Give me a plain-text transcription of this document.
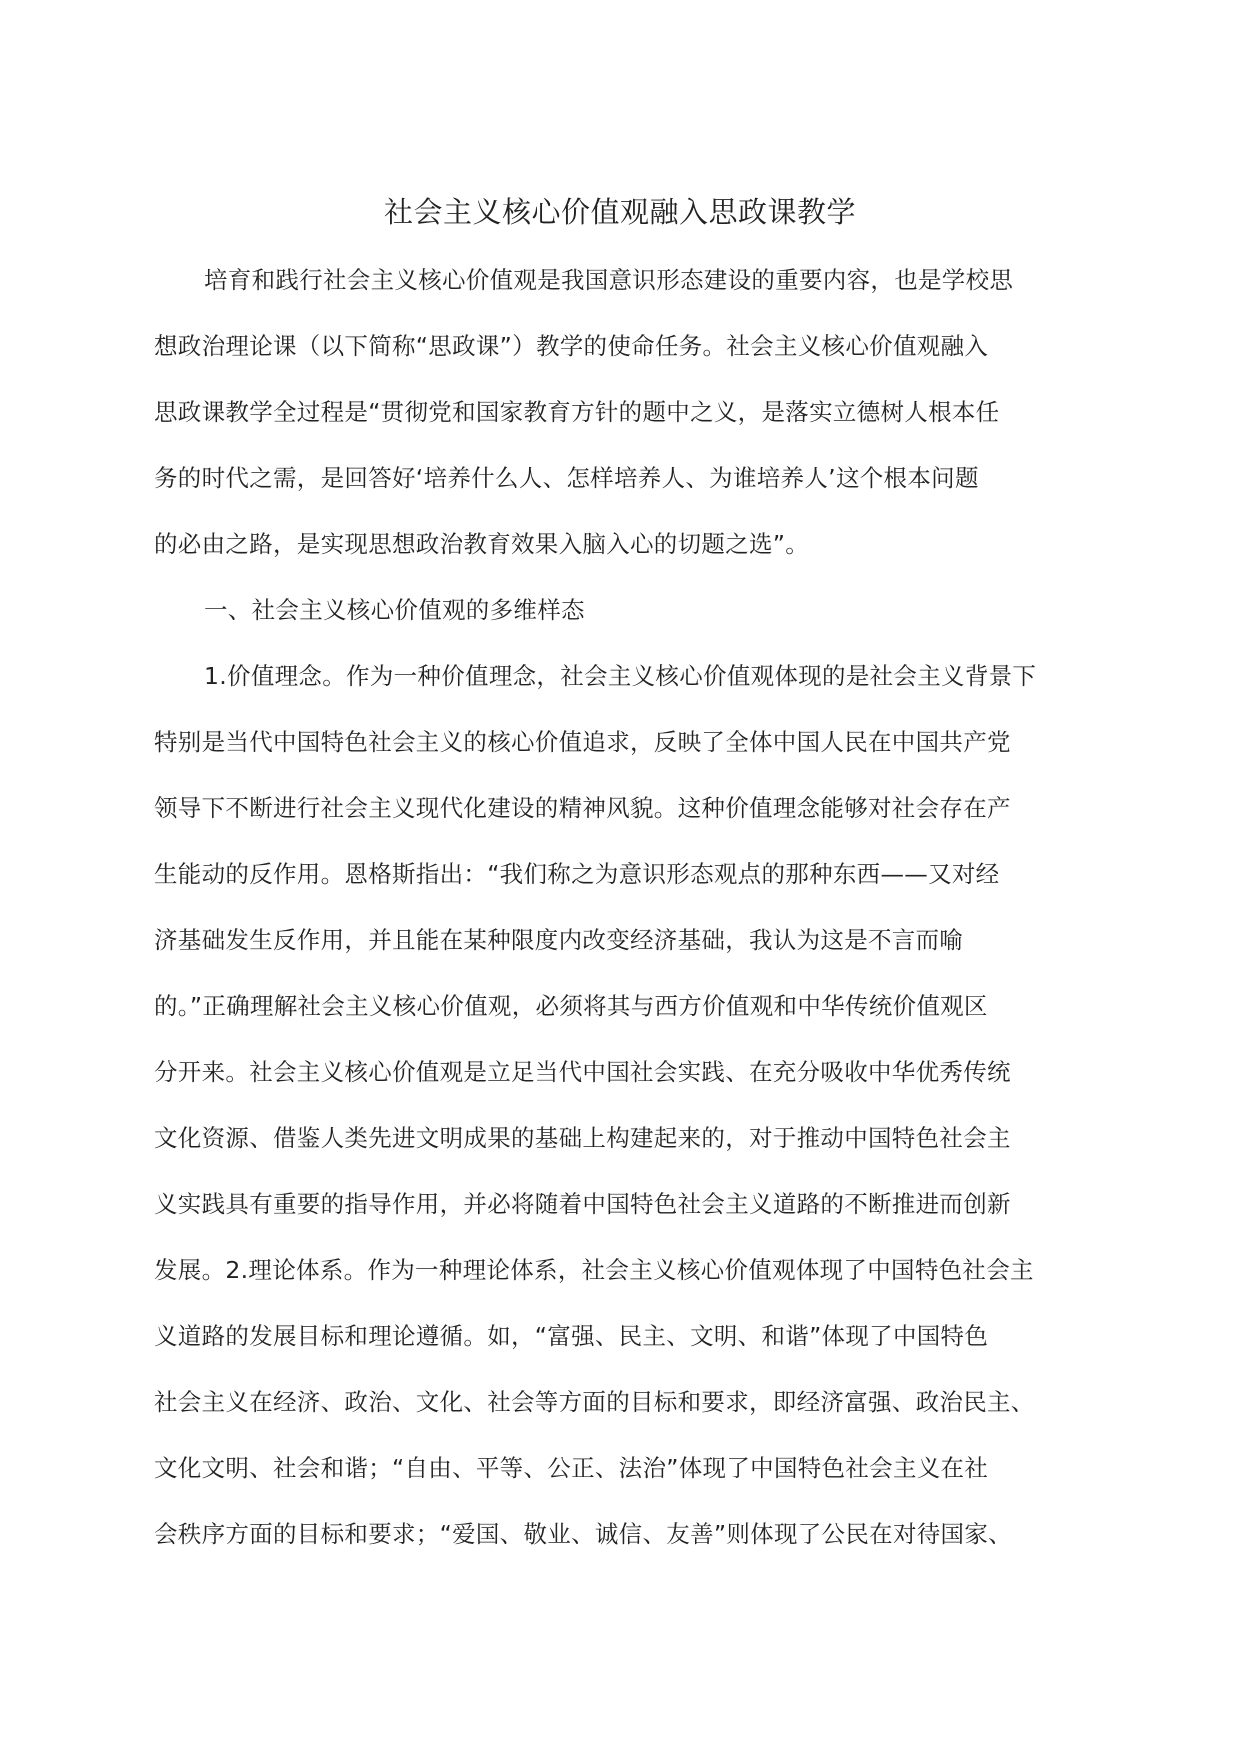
社会主义核心价值观融入思政课教学
培育和践行社会主义核心价值观是我国意识形态建设的重要内容，也是学校思
想政治理论课（以下简称“思政课”）教学的使命任务。社会主义核心价值观融入
思政课教学全过程是“贯彻党和国家教育方针的题中之义，是落实立德树人根本任
务的时代之需，是回答好‘培养什么人、怎样培养人、为谁培养人’这个根本问题
的必由之路，是实现思想政治教育效果入脑入心的切题之选”。
一、社会主义核心价值观的多维样态
1.价值理念。作为一种价值理念，社会主义核心价值观体现的是社会主义背景下
特别是当代中国特色社会主义的核心价值追求，反映了全体中国人民在中国共产党
领导下不断进行社会主义现代化建设的精神风貌。这种价值理念能够对社会存在产
生能动的反作用。恩格斯指出：“我们称之为意识形态观点的那种东西——又对经
济基础发生反作用，并且能在某种限度内改变经济基础，我认为这是不言而喻
的。”正确理解社会主义核心价值观，必须将其与西方价值观和中华传统价值观区
分开来。社会主义核心价值观是立足当代中国社会实践、在充分吸收中华优秀传统
文化资源、借鉴人类先进文明成果的基础上构建起来的，对于推动中国特色社会主
义实践具有重要的指导作用，并必将随着中国特色社会主义道路的不断推进而创新
发展。2.理论体系。作为一种理论体系，社会主义核心价值观体现了中国特色社会主
义道路的发展目标和理论遵循。如，“富强、民主、文明、和谐”体现了中国特色
社会主义在经济、政治、文化、社会等方面的目标和要求，即经济富强、政治民主、
文化文明、社会和谐；“自由、平等、公正、法治”体现了中国特色社会主义在社
会秩序方面的目标和要求；“爱国、敬业、诚信、友善”则体现了公民在对待国家、
